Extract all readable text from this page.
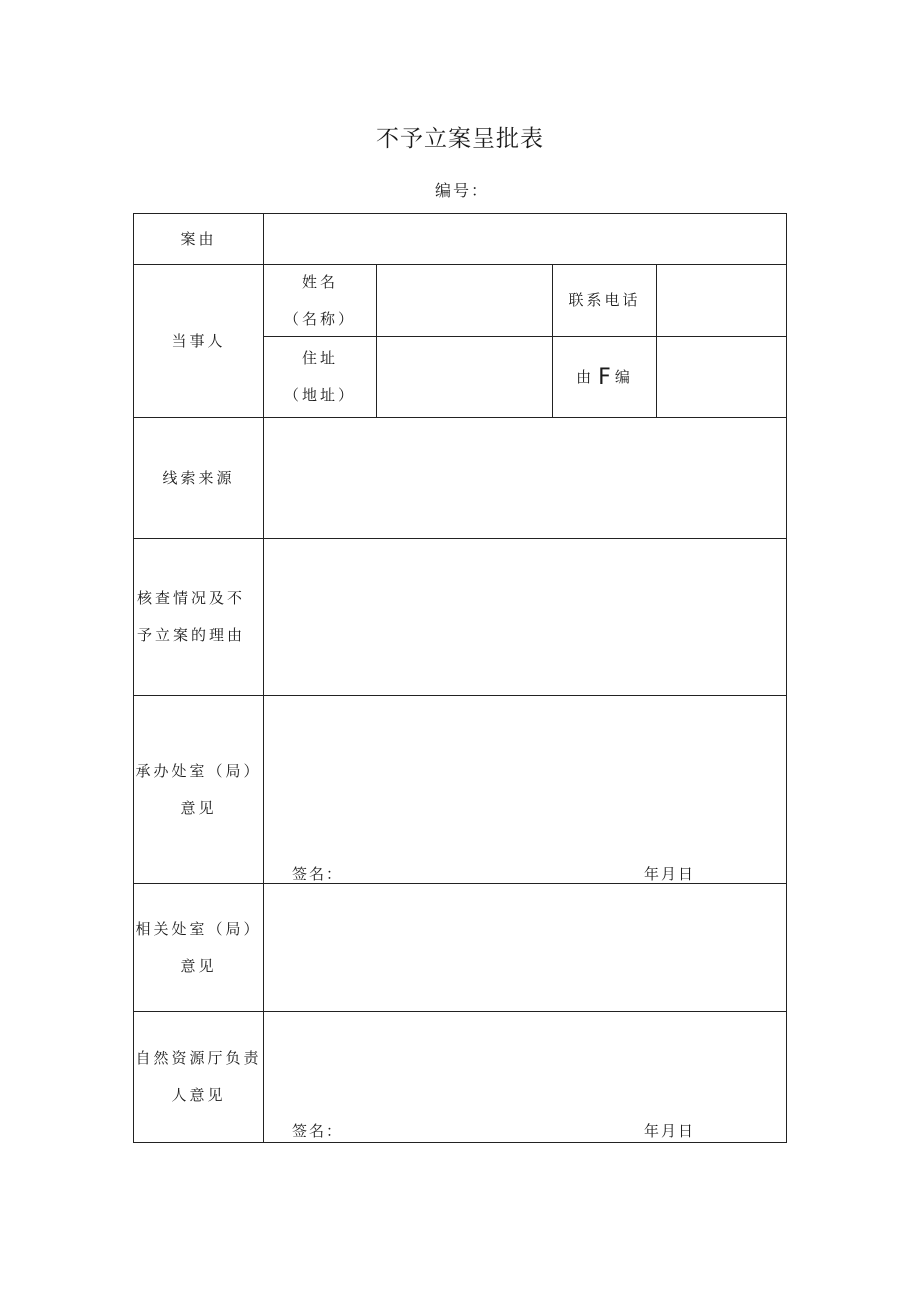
不予立案呈批表
编号：
案由
当事人
姓名
（名称）
联系电话
住址
（地址）
由 F 编
线索来源
核查情况及不
予立案的理由
承办处室（局）
意见
签名：	年月日
相关处室（局）
意见
自然资源厅负责
人意见
签名：	年月日
